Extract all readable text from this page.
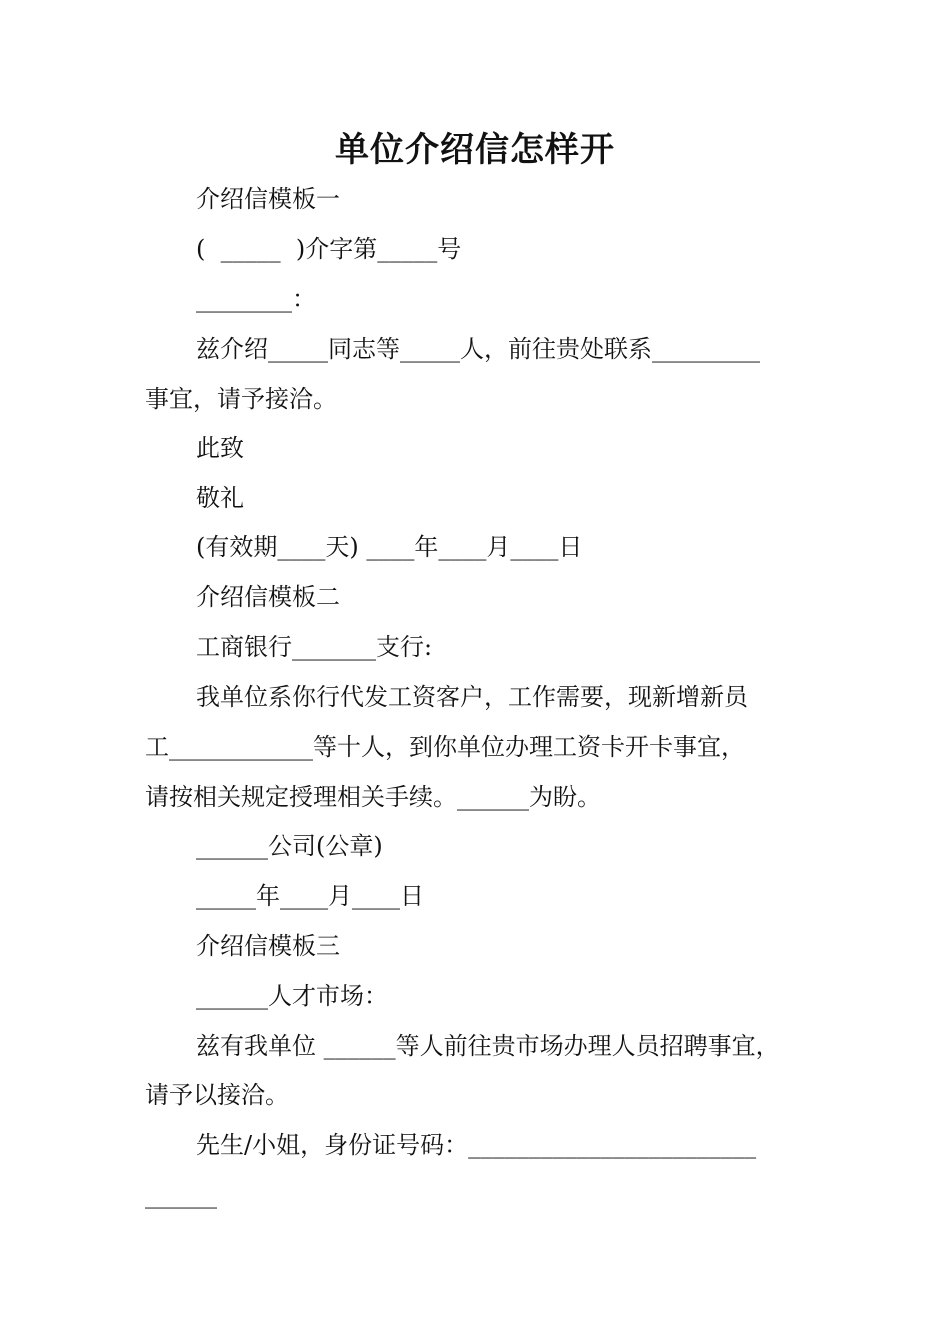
单位介绍信怎样开
介绍信模板一
(  _____  )介字第_____号
________：
兹介绍_____同志等_____人，前往贵处联系_________
事宜，请予接洽。
此致
敬礼
(有效期____天) ____年____月____日
介绍信模板二
工商银行_______支行:
我单位系你行代发工资客户，工作需要，现新增新员
工____________等十人，到你单位办理工资卡开卡事宜，
请按相关规定授理相关手续。______为盼。
______公司(公章)
_____年____月____日
介绍信模板三
______人才市场：
兹有我单位 ______等人前往贵市场办理人员招聘事宜，
请予以接洽。
先生/小姐，身份证号码：________________________
______
